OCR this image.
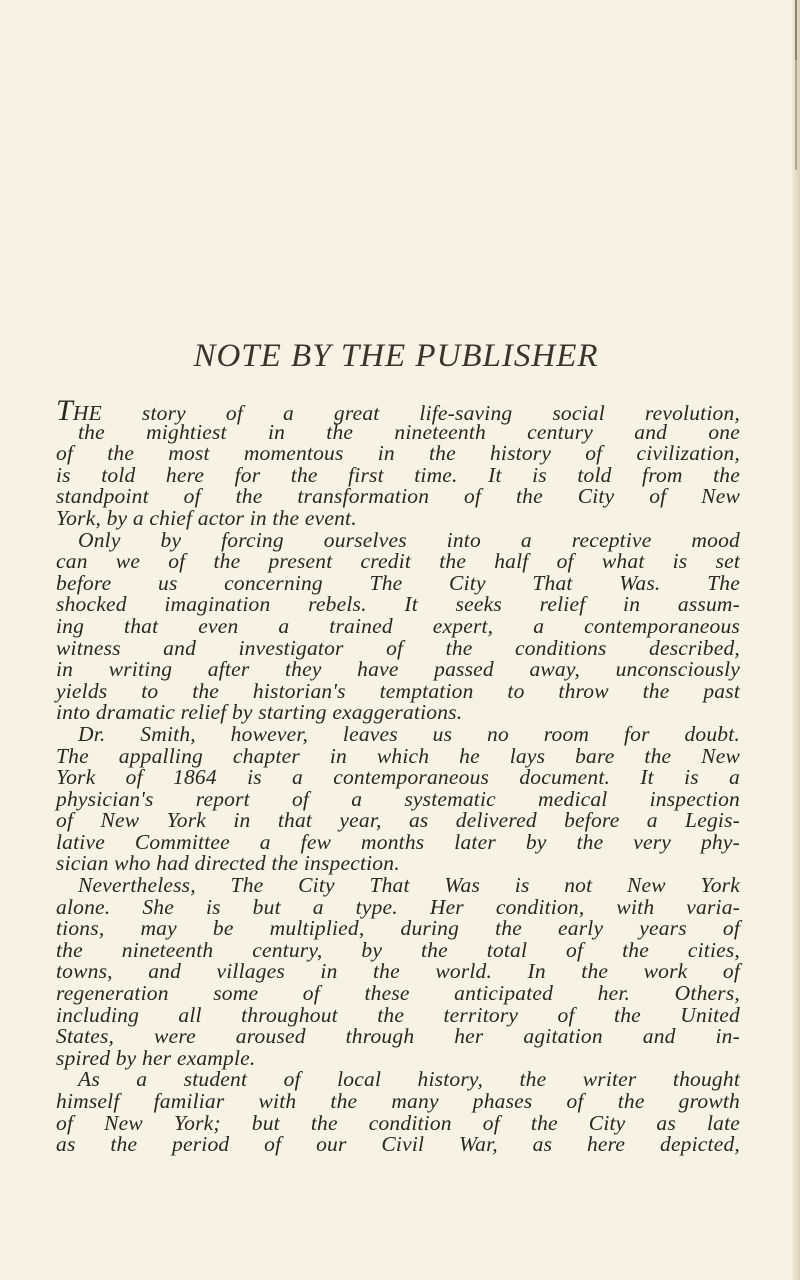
NOTE BY THE PUBLISHER
THE story of a great life-saving social revolution,
the mightiest in the nineteenth century and one
of the most momentous in the history of civilization,
is told here for the first time. It is told from the
standpoint of the transformation of the City of New
York, by a chief actor in the event.
Only by forcing ourselves into a receptive mood
can we of the present credit the half of what is set
before us concerning The City That Was. The
shocked imagination rebels. It seeks relief in assum-
ing that even a trained expert, a contemporaneous
witness and investigator of the conditions described,
in writing after they have passed away, unconsciously
yields to the historian's temptation to throw the past
into dramatic relief by starting exaggerations.
Dr. Smith, however, leaves us no room for doubt.
The appalling chapter in which he lays bare the New
York of 1864 is a contemporaneous document. It is a
physician's report of a systematic medical inspection
of New York in that year, as delivered before a Legis-
lative Committee a few months later by the very phy-
sician who had directed the inspection.
Nevertheless, The City That Was is not New York
alone. She is but a type. Her condition, with varia-
tions, may be multiplied, during the early years of
the nineteenth century, by the total of the cities,
towns, and villages in the world. In the work of
regeneration some of these anticipated her. Others,
including all throughout the territory of the United
States, were aroused through her agitation and in-
spired by her example.
As a student of local history, the writer thought
himself familiar with the many phases of the growth
of New York; but the condition of the City as late
as the period of our Civil War, as here depicted,
